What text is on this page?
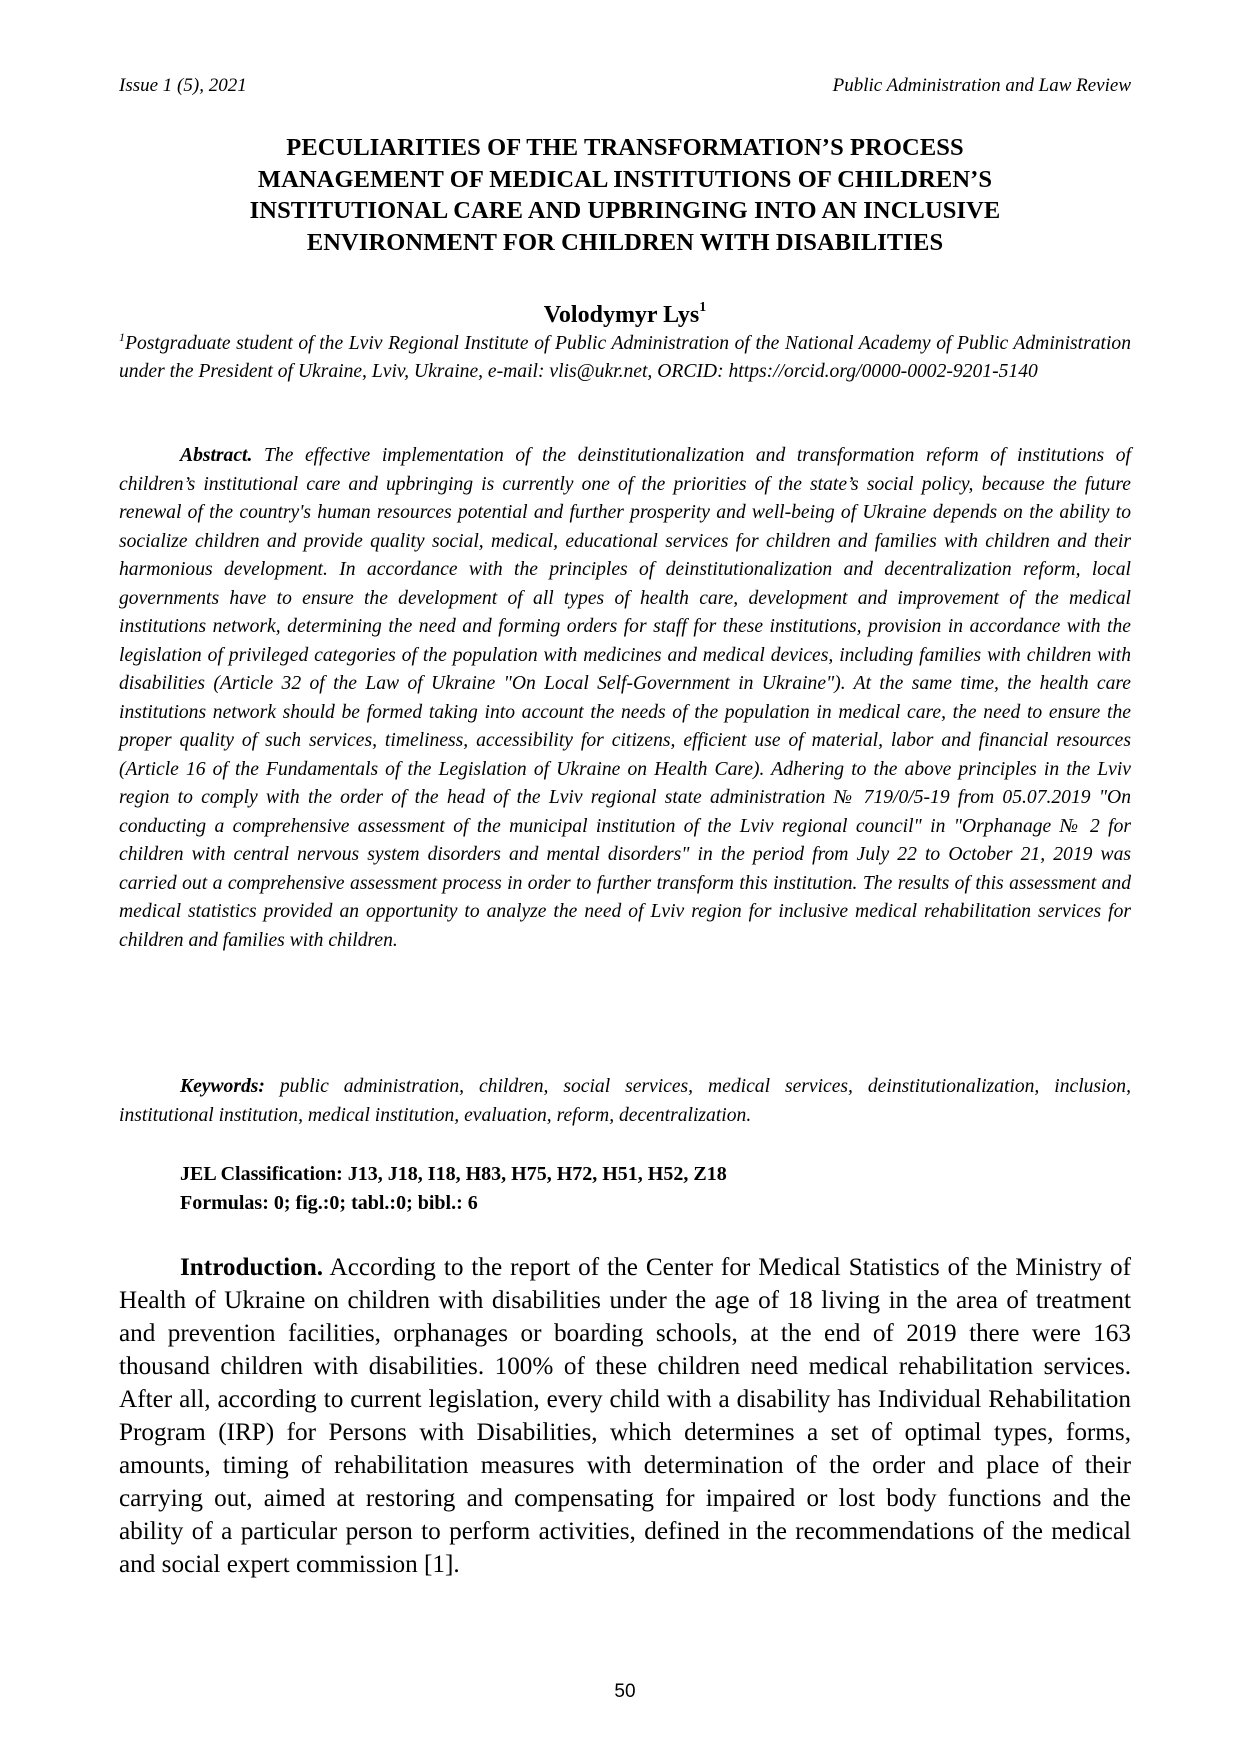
Issue 1 (5), 2021	Public Administration and Law Review
PECULIARITIES OF THE TRANSFORMATION’S PROCESS
MANAGEMENT OF MEDICAL INSTITUTIONS OF CHILDREN’S
INSTITUTIONAL CARE AND UPBRINGING INTO AN INCLUSIVE
ENVIRONMENT FOR CHILDREN WITH DISABILITIES
Volodymyr Lys$^1$

$^1$Postgraduate student of the Lviv Regional Institute of Public Administration of the National Academy of Public Administration under the President of Ukraine, Lviv, Ukraine, e-mail: vlis@ukr.net, ORCID: https://orcid.org/0000-0002-9201-5140

Abstract. The effective implementation of the deinstitutionalization and transformation reform of institutions of children’s institutional care and upbringing is currently one of the priorities of the state’s social policy, because the future renewal of the country's human resources potential and further prosperity and well-being of Ukraine depends on the ability to socialize children and provide quality social, medical, educational services for children and families with children and their harmonious development. In accordance with the principles of deinstitutionalization and decentralization reform, local governments have to ensure the development of all types of health care, development and improvement of the medical institutions network, determining the need and forming orders for staff for these institutions, provision in accordance with the legislation of privileged categories of the population with medicines and medical devices, including families with children with disabilities (Article 32 of the Law of Ukraine "On Local Self-Government in Ukraine"). At the same time, the health care institutions network should be formed taking into account the needs of the population in medical care, the need to ensure the proper quality of such services, timeliness, accessibility for citizens, efficient use of material, labor and financial resources (Article 16 of the Fundamentals of the Legislation of Ukraine on Health Care). Adhering to the above principles in the Lviv region to comply with the order of the head of the Lviv regional state administration № 719/0/5-19 from 05.07.2019 "On conducting a comprehensive assessment of the municipal institution of the Lviv regional council" in "Orphanage № 2 for children with central nervous system disorders and mental disorders" in the period from July 22 to October 21, 2019 was carried out a comprehensive assessment process in order to further transform this institution. The results of this assessment and medical statistics provided an opportunity to analyze the need of Lviv region for inclusive medical rehabilitation services for children and families with children.

Keywords: public administration, children, social services, medical services, deinstitutionalization, inclusion, institutional institution, medical institution, evaluation, reform, decentralization.

JEL Classification: J13, J18, I18, H83, H75, H72, H51, H52, Z18
Formulas: 0; fig.:0; tabl.:0; bibl.: 6

Introduction. According to the report of the Center for Medical Statistics of the Ministry of Health of Ukraine on children with disabilities under the age of 18 living in the area of treatment and prevention facilities, orphanages or boarding schools, at the end of 2019 there were 163 thousand children with disabilities. 100% of these children need medical rehabilitation services. After all, according to current legislation, every child with a disability has Individual Rehabilitation Program (IRP) for Persons with Disabilities, which determines a set of optimal types, forms, amounts, timing of rehabilitation measures with determination of the order and place of their carrying out, aimed at restoring and compensating for impaired or lost body functions and the ability of a particular person to perform activities, defined in the recommendations of the medical and social expert commission [1].

50
